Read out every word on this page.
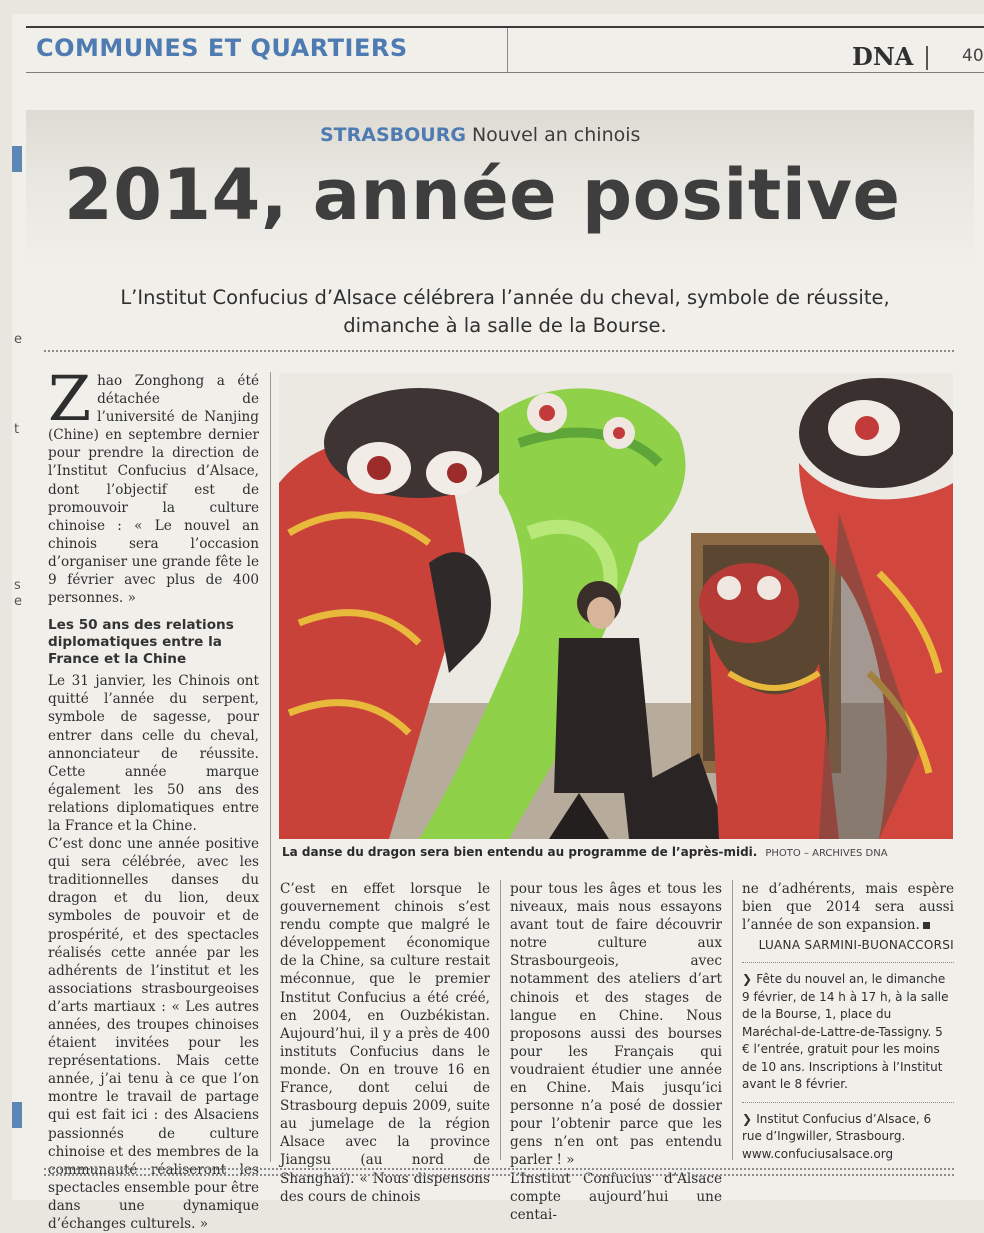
e
t
s
e
COMMUNES ET QUARTIERS	DNA	40
STRASBOURG Nouvel an chinois
2014, année positive
L’Institut Confucius d’Alsace célébrera l’année du cheval, symbole de réussite,
dimanche à la salle de la Bourse.

Zhao Zonghong a été détachée de l’université de Nanjing (Chine) en septembre dernier pour prendre la direction de l’Institut Confucius d’Alsace, dont l’objectif est de promouvoir la culture chinoise : « Le nouvel an chinois sera l’occasion d’organiser une grande fête le 9 février avec plus de 400 personnes. »

Les 50 ans des relations diplomatiques entre la France et la Chine

Le 31 janvier, les Chinois ont quitté l’année du serpent, symbole de sagesse, pour entrer dans celle du cheval, annonciateur de réussite. Cette année marque également les 50 ans des relations diplomatiques entre la France et la Chine.

C’est donc une année positive qui sera célébrée, avec les traditionnelles danses du dragon et du lion, deux symboles de pouvoir et de prospérité, et des spectacles réalisés cette année par les adhérents de l’institut et les associations strasbourgeoises d’arts martiaux : « Les autres années, des troupes chinoises étaient invitées pour les représentations. Mais cette année, j’ai tenu à ce que l’on montre le travail de partage qui est fait ici : des Alsaciens passionnés de culture chinoise et des membres de la communauté réaliseront les spectacles ensemble pour être dans une dynamique d’échanges culturels. »

La danse du dragon sera bien entendu au programme de l’après-midi. PHOTO – ARCHIVES DNA

C’est en effet lorsque le gouvernement chinois s’est rendu compte que malgré le développement économique de la Chine, sa culture restait méconnue, que le premier Institut Confucius a été créé, en 2004, en Ouzbékistan. Aujourd’hui, il y a près de 400 instituts Confucius dans le monde. On en trouve 16 en France, dont celui de Strasbourg depuis 2009, suite au jumelage de la région Alsace avec la province Jiangsu (au nord de Shanghai). « Nous dispensons des cours de chinois

pour tous les âges et tous les niveaux, mais nous essayons avant tout de faire découvrir notre culture aux Strasbourgeois, avec notamment des ateliers d’art chinois et des stages de langue en Chine. Nous proposons aussi des bourses pour les Français qui voudraient étudier une année en Chine. Mais jusqu’ici personne n’a posé de dossier pour l’obtenir parce que les gens n’en ont pas entendu parler ! »

L’Institut Confucius d’Alsace compte aujourd’hui une centai-

ne d’adhérents, mais espère bien que 2014 sera aussi l’année de son expansion.

LUANA SARMINI-BUONACCORSI
❯ Fête du nouvel an, le dimanche 9 février, de 14 h à 17 h, à la salle de la Bourse, 1, place du Maréchal-de-Lattre-de-Tassigny. 5 € l’entrée, gratuit pour les moins de 10 ans. Inscriptions à l’Institut avant le 8 février.
❯ Institut Confucius d’Alsace, 6 rue d’Ingwiller, Strasbourg. www.confuciusalsace.org
